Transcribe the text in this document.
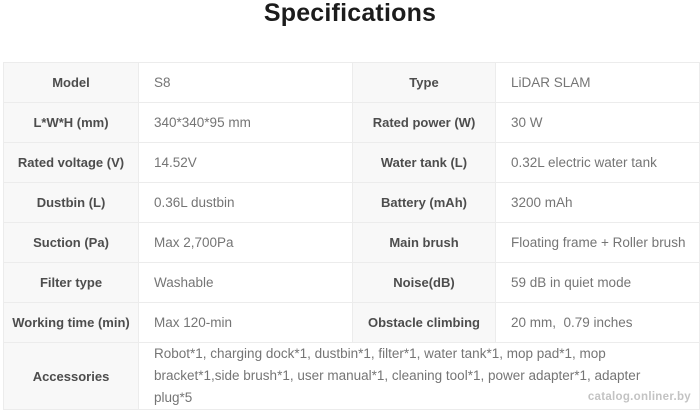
Specifications
Model	S8	Type	LiDAR SLAM
L*W*H (mm)	340*340*95 mm	Rated power (W)	30 W
Rated voltage (V)	14.52V	Water tank (L)	0.32L electric water tank
Dustbin (L)	0.36L dustbin	Battery (mAh)	3200 mAh
Suction (Pa)	Max 2,700Pa	Main brush	Floating frame + Roller brush
Filter type	Washable	Noise(dB)	59 dB in quiet mode
Working time (min)	Max 120-min	Obstacle climbing	20 mm,  0.79 inches
Accessories	Robot*1, charging dock*1, dustbin*1, filter*1, water tank*1, mop pad*1, mop bracket*1,side brush*1, user manual*1, cleaning tool*1, power adapter*1, adapter plug*5			catalog.onliner.by
